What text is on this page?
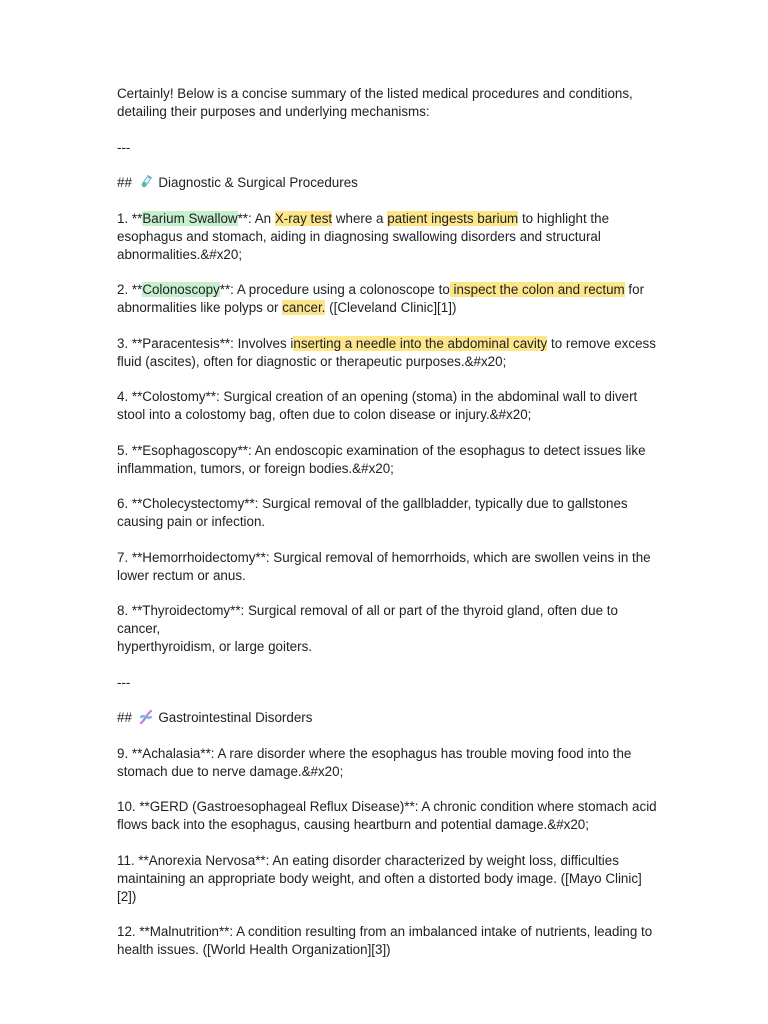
Certainly! Below is a concise summary of the listed medical procedures and conditions,
detailing their purposes and underlying mechanisms:

---

## Diagnostic & Surgical Procedures

1. **Barium Swallow**: An X-ray test where a patient ingests barium to highlight the
esophagus and stomach, aiding in diagnosing swallowing disorders and structural
abnormalities.&#x20;

2. **Colonoscopy**: A procedure using a colonoscope to inspect the colon and rectum for
abnormalities like polyps or cancer. ([Cleveland Clinic][1])

3. **Paracentesis**: Involves inserting a needle into the abdominal cavity to remove excess
fluid (ascites), often for diagnostic or therapeutic purposes.&#x20;

4. **Colostomy**: Surgical creation of an opening (stoma) in the abdominal wall to divert
stool into a colostomy bag, often due to colon disease or injury.&#x20;

5. **Esophagoscopy**: An endoscopic examination of the esophagus to detect issues like
inflammation, tumors, or foreign bodies.&#x20;

6. **Cholecystectomy**: Surgical removal of the gallbladder, typically due to gallstones
causing pain or infection.

7. **Hemorrhoidectomy**: Surgical removal of hemorrhoids, which are swollen veins in the
lower rectum or anus.

8. **Thyroidectomy**: Surgical removal of all or part of the thyroid gland, often due to cancer,
hyperthyroidism, or large goiters.

---

## Gastrointestinal Disorders

9. **Achalasia**: A rare disorder where the esophagus has trouble moving food into the
stomach due to nerve damage.&#x20;

10. **GERD (Gastroesophageal Reflux Disease)**: A chronic condition where stomach acid
flows back into the esophagus, causing heartburn and potential damage.&#x20;

11. **Anorexia Nervosa**: An eating disorder characterized by weight loss, difficulties
maintaining an appropriate body weight, and often a distorted body image. ([Mayo Clinic][2])

12. **Malnutrition**: A condition resulting from an imbalanced intake of nutrients, leading to
health issues. ([World Health Organization][3])
